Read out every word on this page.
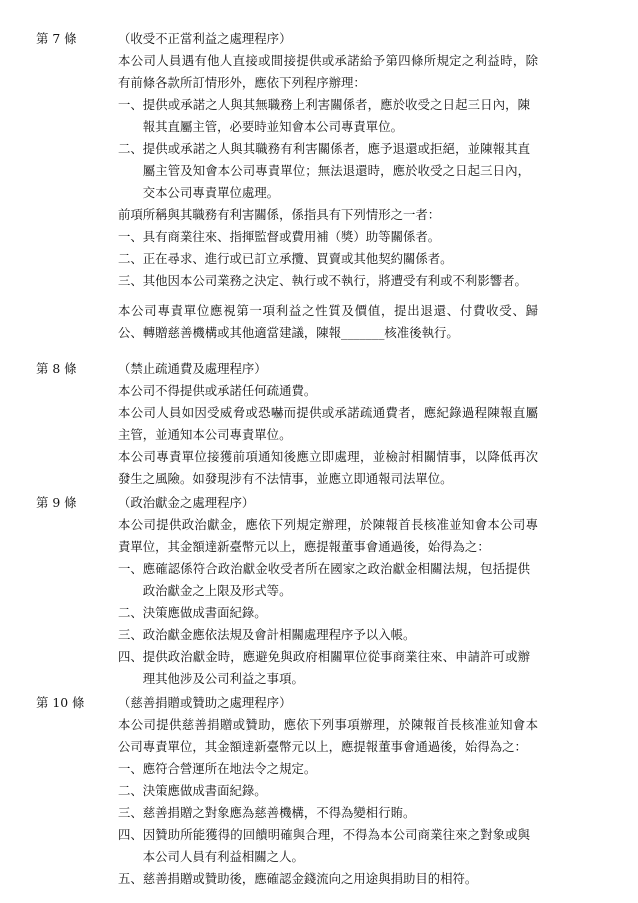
第 7 條	（收受不正當利益之處理程序）
本公司人員遇有他人直接或間接提供或承諾給予第四條所規定之利益時，除有前條各款所訂情形外，應依下列程序辦理：
一、 提供或承諾之人與其無職務上利害關係者，應於收受之日起三日內，陳報其直屬主管，必要時並知會本公司專責單位。
二、 提供或承諾之人與其職務有利害關係者，應予退還或拒絕，並陳報其直屬主管及知會本公司專責單位；無法退還時，應於收受之日起三日內，交本公司專責單位處理。
前項所稱與其職務有利害關係，係指具有下列情形之一者：
一、 具有商業往來、指揮監督或費用補（獎）助等關係者。
二、 正在尋求、進行或已訂立承攬、買賣或其他契約關係者。
三、 其他因本公司業務之決定、執行或不執行，將遭受有利或不利影響者。
本公司專責單位應視第一項利益之性質及價值，提出退還、付費收受、歸公、轉贈慈善機構或其他適當建議，陳報_______核准後執行。
第 8 條	（禁止疏通費及處理程序）
本公司不得提供或承諾任何疏通費。
本公司人員如因受威脅或恐嚇而提供或承諾疏通費者，應紀錄過程陳報直屬主管，並通知本公司專責單位。
本公司專責單位接獲前項通知後應立即處理，並檢討相關情事，以降低再次發生之風險。如發現涉有不法情事，並應立即通報司法單位。
第 9 條	（政治獻金之處理程序）
本公司提供政治獻金，應依下列規定辦理，於陳報首長核准並知會本公司專責單位，其金額達新臺幣元以上，應提報董事會通過後，始得為之：
一、 應確認係符合政治獻金收受者所在國家之政治獻金相關法規，包括提供政治獻金之上限及形式等。
二、 決策應做成書面紀錄。
三、 政治獻金應依法規及會計相關處理程序予以入帳。
四、 提供政治獻金時，應避免與政府相關單位從事商業往來、申請許可或辦理其他涉及公司利益之事項。
第 10 條	（慈善捐贈或贊助之處理程序）
本公司提供慈善捐贈或贊助，應依下列事項辦理，於陳報首長核准並知會本公司專責單位，其金額達新臺幣元以上，應提報董事會通過後，始得為之：
一、 應符合營運所在地法令之規定。
二、 決策應做成書面紀錄。
三、 慈善捐贈之對象應為慈善機構，不得為變相行賄。
四、 因贊助所能獲得的回饋明確與合理，不得為本公司商業往來之對象或與本公司人員有利益相關之人。
五、 慈善捐贈或贊助後，應確認金錢流向之用途與捐助目的相符。
